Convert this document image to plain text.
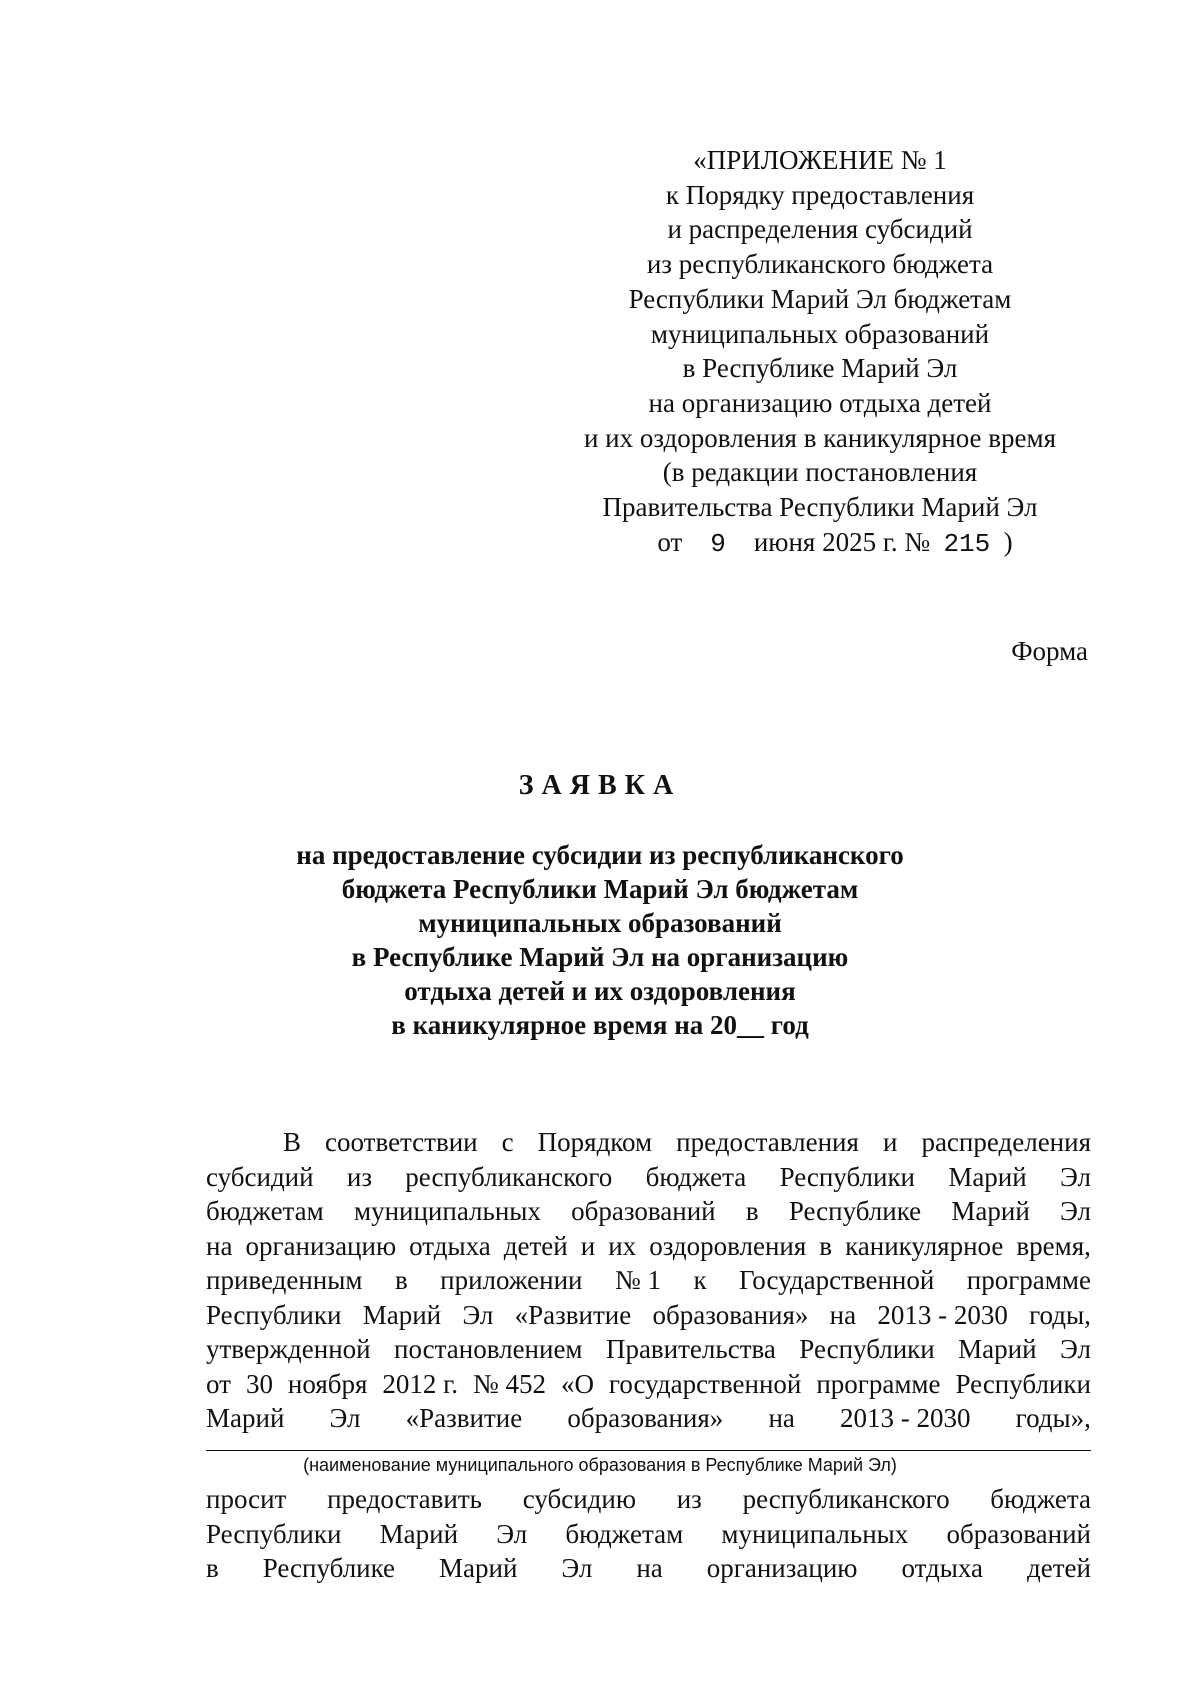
«ПРИЛОЖЕНИЕ № 1
к Порядку предоставления
и распределения субсидий
из республиканского бюджета
Республики Марий Эл бюджетам
муниципальных образований
в Республике Марий Эл
на организацию отдыха детей
и их оздоровления в каникулярное время
(в редакции постановления
Правительства Республики Марий Эл
от 9 июня 2025 г. № 215 )
Форма
ЗАЯВКА
на предоставление субсидии из республиканского
бюджета Республики Марий Эл бюджетам
муниципальных образований
в Республике Марий Эл на организацию
отдыха детей и их оздоровления
в каникулярное время на 20__ год
В соответствии с Порядком предоставления и распределения
субсидий из республиканского бюджета Республики Марий Эл
бюджетам муниципальных образований в Республике Марий Эл
на организацию отдыха детей и их оздоровления в каникулярное время,
приведенным в приложении № 1 к Государственной программе
Республики Марий Эл «Развитие образования» на 2013 - 2030 годы,
утвержденной постановлением Правительства Республики Марий Эл
от 30 ноября 2012 г. № 452 «О государственной программе Республики
Марий Эл «Развитие образования» на 2013 - 2030 годы»,
(наименование муниципального образования в Республике Марий Эл)
просит предоставить субсидию из республиканского бюджета
Республики Марий Эл бюджетам муниципальных образований
в Республике Марий Эл на организацию отдыха детей
